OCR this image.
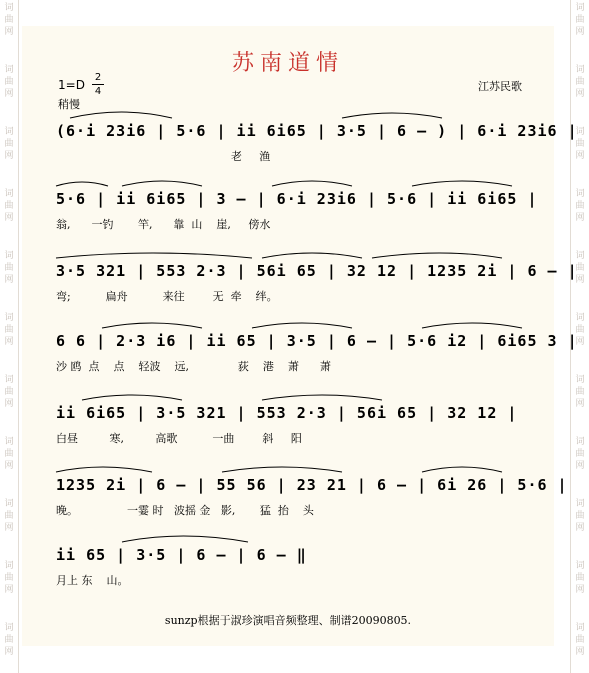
词
曲
网
词
曲
网
词
曲
网
词
曲
网
词
曲
网
词
曲
网
词
曲
网
词
曲
网
词
曲
网
词
曲
网
词
曲
网
词
曲
网
词
曲
网
词
曲
网
词
曲
网
词
曲
网
词
曲
网
词
曲
网
词
曲
网
词
曲
网
词
曲
网
词
曲
网
苏南道情
1=D
2
4
稍慢
江苏民歌
(6·i 23i6 | 5·6 | ii 6i65 | 3·5 | 6 — ) | 6·i 23i6 |
老     渔
5·6 | ii 6i65 | 3 — | 6·i 23i6 | 5·6 | ii 6i65 |
翁,      一钓       竿,      靠  山    崖,     傍水
3·5 321 | 553 2·3 | 56i 65 | 32 12 | 1235 2i | 6 — |
弯;          扁舟          来往        无  牵    绊。
6 6 | 2·3 i6 | ii 65 | 3·5 | 6 — | 5·6 i2 | 6i65 3 |
沙 鸥  点    点    轻波    远,              荻    港    萧      萧
ii 6i65 | 3·5 321 | 553 2·3 | 56i 65 | 32 12 |
白昼         寒,         高歌          一曲        斜     阳
1235 2i | 6 — | 55 56 | 23 21 | 6 — | 6i 26 | 5·6 |
晚。              一霎 时   波摇 金   影,       猛  抬    头
ii 65 | 3·5 | 6 — | 6 — ‖
月上 东    山。
sunzp根据于淑珍演唱音频整理、制谱20090805.
